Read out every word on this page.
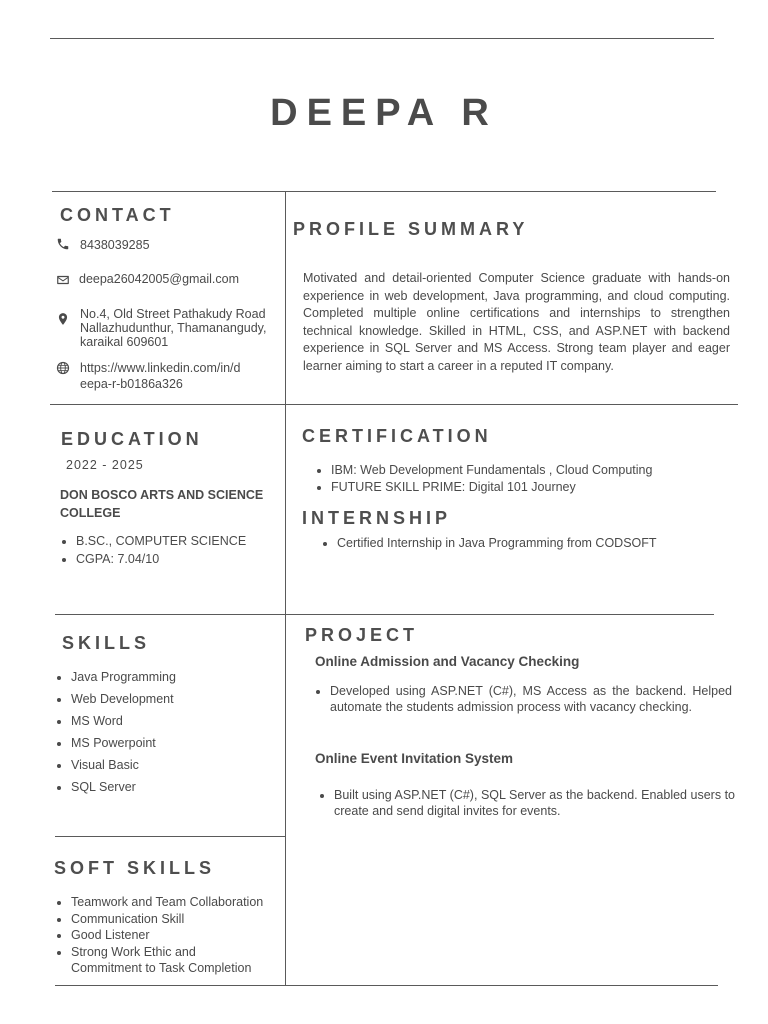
DEEPA R
CONTACT
8438039285
deepa26042005@gmail.com
No.4, Old Street Pathakudy Road
Nallazhudunthur, Thamanangudy,
karaikal 609601
https://www.linkedin.com/in/d
eepa-r-b0186a326
PROFILE SUMMARY
Motivated and detail-oriented Computer Science graduate with hands-on experience in web development, Java programming, and cloud computing. Completed multiple online certifications and internships to strengthen technical knowledge. Skilled in HTML, CSS, and ASP.NET with backend experience in SQL Server and MS Access. Strong team player and eager learner aiming to start a career in a reputed IT company.
EDUCATION
2022 - 2025
DON BOSCO ARTS AND SCIENCE
COLLEGE
• B.SC., COMPUTER SCIENCE
• CGPA: 7.04/10
CERTIFICATION
• IBM: Web Development Fundamentals , Cloud Computing
• FUTURE SKILL PRIME: Digital 101 Journey
INTERNSHIP
• Certified Internship in Java Programming from CODSOFT
SKILLS
• Java Programming
• Web Development
• MS Word
• MS Powerpoint
• Visual Basic
• SQL Server
PROJECT
Online Admission and Vacancy Checking
• Developed using ASP.NET (C#), MS Access as the backend. Helped automate the students admission process with vacancy checking.
Online Event Invitation System
• Built using ASP.NET (C#), SQL Server as the backend. Enabled users to create and send digital invites for events.
SOFT SKILLS
• Teamwork and Team Collaboration
• Communication Skill
• Good Listener
• Strong Work Ethic and
Commitment to Task Completion
